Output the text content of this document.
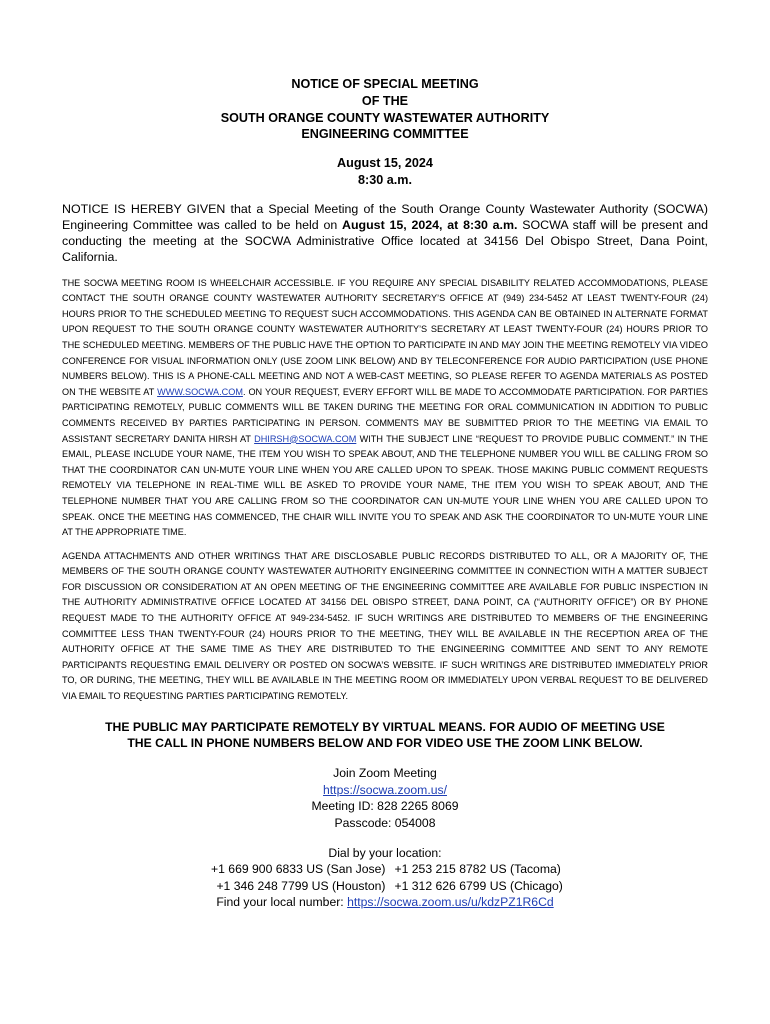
NOTICE OF SPECIAL MEETING
OF THE
SOUTH ORANGE COUNTY WASTEWATER AUTHORITY
ENGINEERING COMMITTEE
August 15, 2024
8:30 a.m.

NOTICE IS HEREBY GIVEN that a Special Meeting of the South Orange County Wastewater Authority (SOCWA) Engineering Committee was called to be held on August 15, 2024, at 8:30 a.m. SOCWA staff will be present and conducting the meeting at the SOCWA Administrative Office located at 34156 Del Obispo Street, Dana Point, California.

THE SOCWA MEETING ROOM IS WHEELCHAIR ACCESSIBLE. IF YOU REQUIRE ANY SPECIAL DISABILITY RELATED ACCOMMODATIONS, PLEASE CONTACT THE SOUTH ORANGE COUNTY WASTEWATER AUTHORITY SECRETARY’S OFFICE AT (949) 234-5452 AT LEAST TWENTY-FOUR (24) HOURS PRIOR TO THE SCHEDULED MEETING TO REQUEST SUCH ACCOMMODATIONS. THIS AGENDA CAN BE OBTAINED IN ALTERNATE FORMAT UPON REQUEST TO THE SOUTH ORANGE COUNTY WASTEWATER AUTHORITY’S SECRETARY AT LEAST TWENTY-FOUR (24) HOURS PRIOR TO THE SCHEDULED MEETING. MEMBERS OF THE PUBLIC HAVE THE OPTION TO PARTICIPATE IN AND MAY JOIN THE MEETING REMOTELY VIA VIDEO CONFERENCE FOR VISUAL INFORMATION ONLY (USE ZOOM LINK BELOW) AND BY TELECONFERENCE FOR AUDIO PARTICIPATION (USE PHONE NUMBERS BELOW). THIS IS A PHONE-CALL MEETING AND NOT A WEB-CAST MEETING, SO PLEASE REFER TO AGENDA MATERIALS AS POSTED ON THE WEBSITE AT WWW.SOCWA.COM. ON YOUR REQUEST, EVERY EFFORT WILL BE MADE TO ACCOMMODATE PARTICIPATION. FOR PARTIES PARTICIPATING REMOTELY, PUBLIC COMMENTS WILL BE TAKEN DURING THE MEETING FOR ORAL COMMUNICATION IN ADDITION TO PUBLIC COMMENTS RECEIVED BY PARTIES PARTICIPATING IN PERSON. COMMENTS MAY BE SUBMITTED PRIOR TO THE MEETING VIA EMAIL TO ASSISTANT SECRETARY DANITA HIRSH AT DHIRSH@SOCWA.COM WITH THE SUBJECT LINE “REQUEST TO PROVIDE PUBLIC COMMENT.” IN THE EMAIL, PLEASE INCLUDE YOUR NAME, THE ITEM YOU WISH TO SPEAK ABOUT, AND THE TELEPHONE NUMBER YOU WILL BE CALLING FROM SO THAT THE COORDINATOR CAN UN-MUTE YOUR LINE WHEN YOU ARE CALLED UPON TO SPEAK. THOSE MAKING PUBLIC COMMENT REQUESTS REMOTELY VIA TELEPHONE IN REAL-TIME WILL BE ASKED TO PROVIDE YOUR NAME, THE ITEM YOU WISH TO SPEAK ABOUT, AND THE TELEPHONE NUMBER THAT YOU ARE CALLING FROM SO THE COORDINATOR CAN UN-MUTE YOUR LINE WHEN YOU ARE CALLED UPON TO SPEAK. ONCE THE MEETING HAS COMMENCED, THE CHAIR WILL INVITE YOU TO SPEAK AND ASK THE COORDINATOR TO UN-MUTE YOUR LINE AT THE APPROPRIATE TIME.

AGENDA ATTACHMENTS AND OTHER WRITINGS THAT ARE DISCLOSABLE PUBLIC RECORDS DISTRIBUTED TO ALL, OR A MAJORITY OF, THE MEMBERS OF THE SOUTH ORANGE COUNTY WASTEWATER AUTHORITY ENGINEERING COMMITTEE IN CONNECTION WITH A MATTER SUBJECT FOR DISCUSSION OR CONSIDERATION AT AN OPEN MEETING OF THE ENGINEERING COMMITTEE ARE AVAILABLE FOR PUBLIC INSPECTION IN THE AUTHORITY ADMINISTRATIVE OFFICE LOCATED AT 34156 DEL OBISPO STREET, DANA POINT, CA (“AUTHORITY OFFICE”) OR BY PHONE REQUEST MADE TO THE AUTHORITY OFFICE AT 949-234-5452. IF SUCH WRITINGS ARE DISTRIBUTED TO MEMBERS OF THE ENGINEERING COMMITTEE LESS THAN TWENTY-FOUR (24) HOURS PRIOR TO THE MEETING, THEY WILL BE AVAILABLE IN THE RECEPTION AREA OF THE AUTHORITY OFFICE AT THE SAME TIME AS THEY ARE DISTRIBUTED TO THE ENGINEERING COMMITTEE AND SENT TO ANY REMOTE PARTICIPANTS REQUESTING EMAIL DELIVERY OR POSTED ON SOCWA’S WEBSITE. IF SUCH WRITINGS ARE DISTRIBUTED IMMEDIATELY PRIOR TO, OR DURING, THE MEETING, THEY WILL BE AVAILABLE IN THE MEETING ROOM OR IMMEDIATELY UPON VERBAL REQUEST TO BE DELIVERED VIA EMAIL TO REQUESTING PARTIES PARTICIPATING REMOTELY.

THE PUBLIC MAY PARTICIPATE REMOTELY BY VIRTUAL MEANS. FOR AUDIO OF MEETING USE
THE CALL IN PHONE NUMBERS BELOW AND FOR VIDEO USE THE ZOOM LINK BELOW.
Join Zoom Meeting
https://socwa.zoom.us/
Meeting ID: 828 2265 8069
Passcode: 054008
Dial by your location:
+1 669 900 6833 US (San Jose) +1 253 215 8782 US (Tacoma)
+1 346 248 7799 US (Houston) +1 312 626 6799 US (Chicago)
Find your local number: https://socwa.zoom.us/u/kdzPZ1R6Cd
